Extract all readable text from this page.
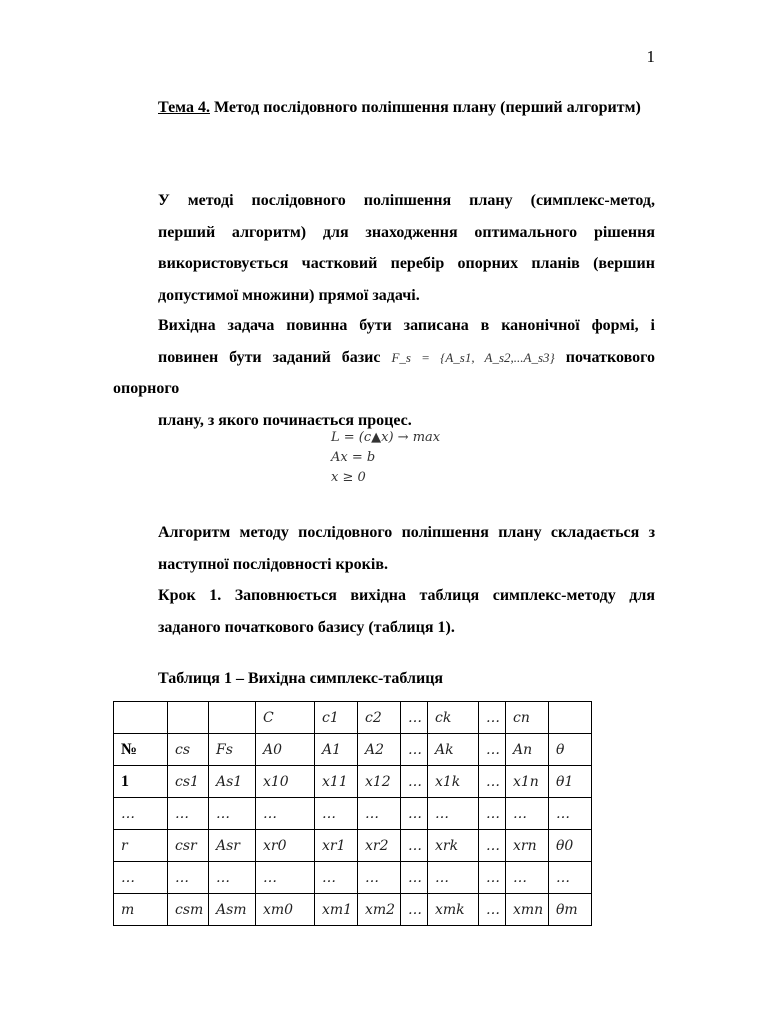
1
Тема 4. Метод послідовного поліпшення плану (перший алгоритм)
У методі послідовного поліпшення плану (симплекс-метод,
перший алгоритм) для знаходження оптимального рішення
використовується частковий перебір опорних планів (вершин
допустимої множини) прямої задачі.
Вихідна задача повинна бути записана в канонічної формі, і
повинен бути заданий базис F_s = {A_s1, A_s2,...A_s3} початкового опорного
плану, з якого починається процес.
L = (c▲x) → max
Ax = b
x ≥ 0
Алгоритм методу послідовного поліпшення плану складається з
наступної послідовності кроків.
Крок 1. Заповнюється вихідна таблиця симплекс-методу для
заданого початкового базису (таблиця 1).
Таблиця 1 – Вихідна симплекс-таблиця
			C	c1	c2	…	ck	…	cn	
№	cs	Fs	A0	A1	A2	…	Ak	…	An	θ
1	cs1	As1	x10	x11	x12	…	x1k	…	x1n	θ1
…	…	…	…	…	…	…	…	…	…	…
r	csr	Asr	xr0	xr1	xr2	…	xrk	…	xrn	θ0
…	…	…	…	…	…	…	…	…	…	…
m	csm	Asm	xm0	xm1	xm2	…	xmk	…	xmn	θm
